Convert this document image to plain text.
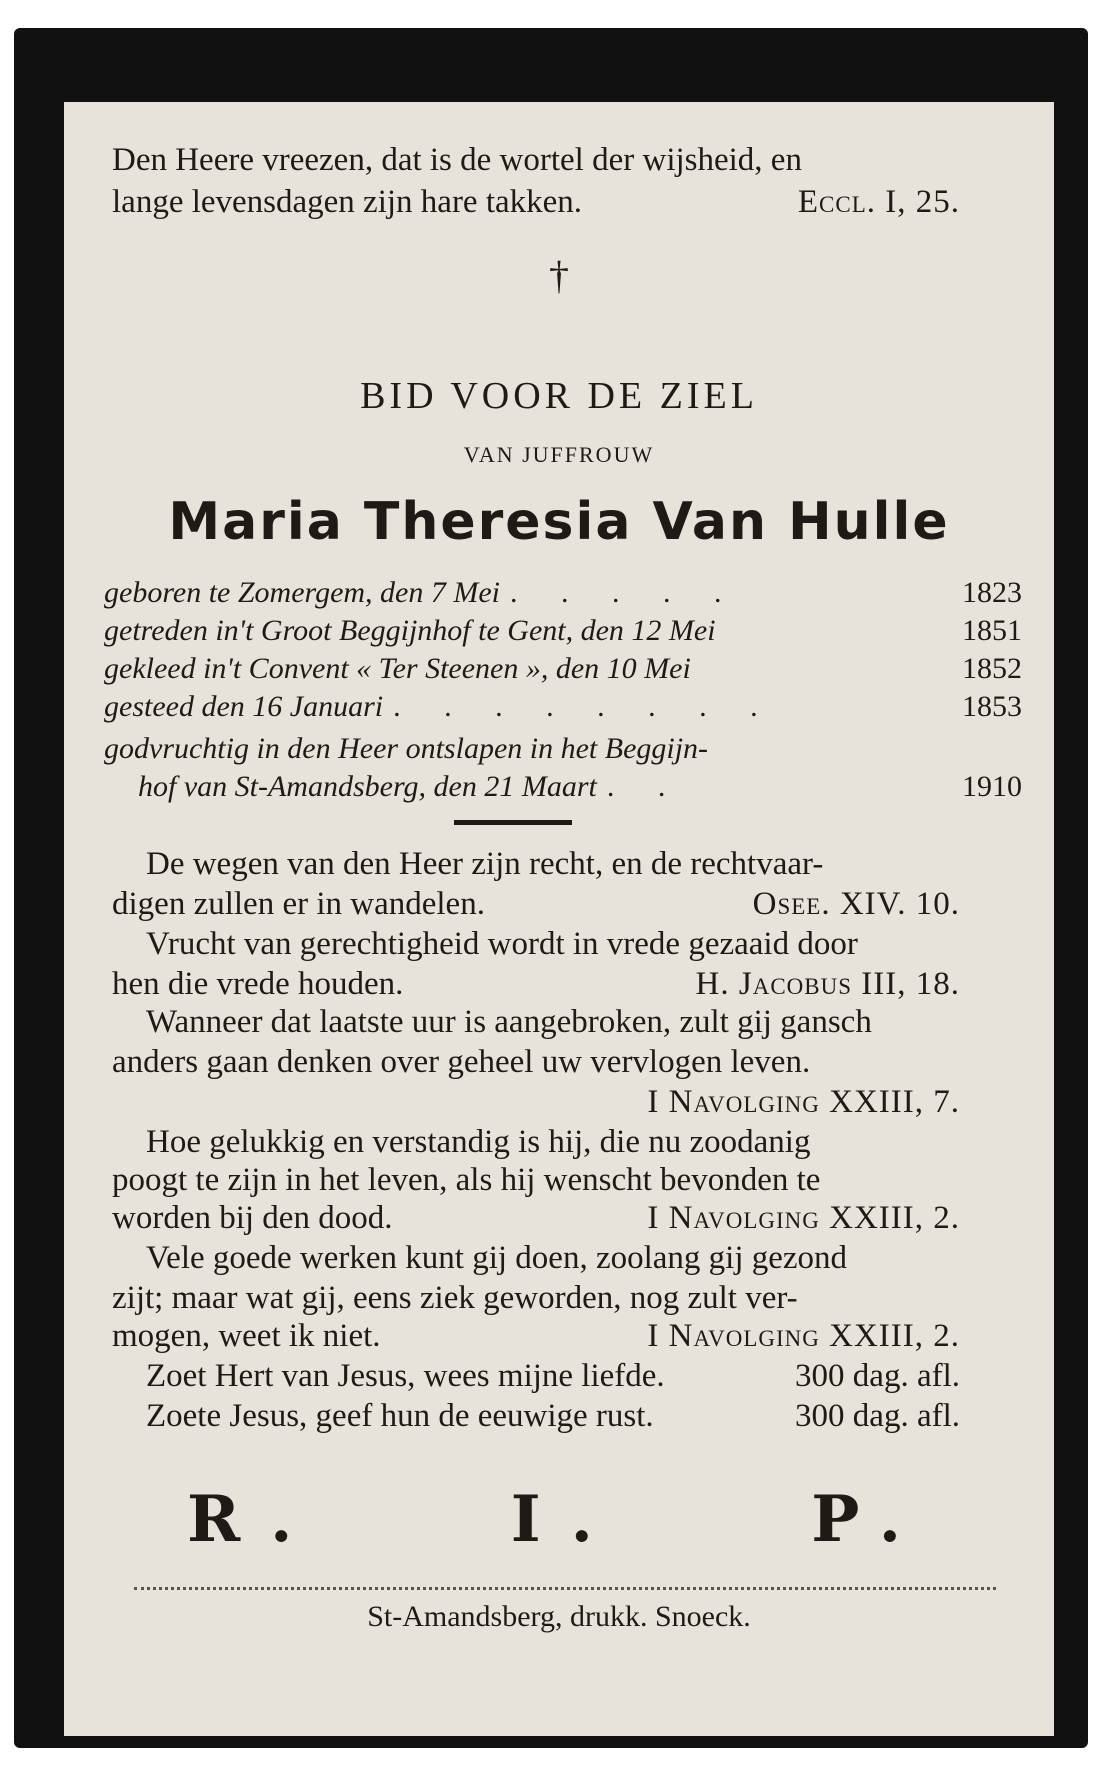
Den Heere vreezen, dat is de wortel der wijsheid, en
lange levensdagen zijn hare takken.	Eccl. I, 25.
†
BID VOOR DE ZIEL
VAN JUFFROUW
Maria Theresia Van Hulle
geboren te Zomergem, den 7 Mei . . . . .	1823
getreden in't Groot Beggijnhof te Gent, den 12 Mei	1851
gekleed in't Convent « Ter Steenen », den 10 Mei	1852
gesteed den 16 Januari . . . . . . . .	1853
godvruchtig in den Heer ontslapen in het Beggijn-
hof van St-Amandsberg, den 21 Maart . .	1910
De wegen van den Heer zijn recht, en de rechtvaar-
digen zullen er in wandelen.	Osee. XIV. 10.
Vrucht van gerechtigheid wordt in vrede gezaaid door
hen die vrede houden.	H. Jacobus III, 18.
Wanneer dat laatste uur is aangebroken, zult gij gansch
anders gaan denken over geheel uw vervlogen leven.
I Navolging XXIII, 7.
Hoe gelukkig en verstandig is hij, die nu zoodanig
poogt te zijn in het leven, als hij wenscht bevonden te
worden bij den dood.	I Navolging XXIII, 2.
Vele goede werken kunt gij doen, zoolang gij gezond
zijt; maar wat gij, eens ziek geworden, nog zult ver-
mogen, weet ik niet.	I Navolging XXIII, 2.
Zoet Hert van Jesus, wees mijne liefde.	300 dag. afl.
Zoete Jesus, geef hun de eeuwige rust.	300 dag. afl.
R.	I.	P.
St-Amandsberg, drukk. Snoeck.
